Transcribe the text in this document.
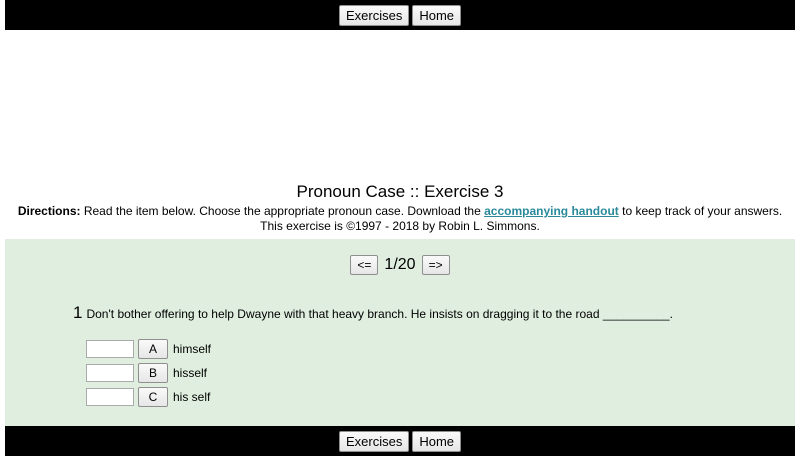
Exercises	Home
Pronoun Case :: Exercise 3
Directions: Read the item below. Choose the appropriate pronoun case. Download the accompanying handout to keep track of your answers.
This exercise is ©1997 - 2018 by Robin L. Simmons.
<= 1/20	=>
1 Don't bother offering to help Dwayne with that heavy branch. He insists on dragging it to the road __________.
A	himself
B	hisself
C	his self
Exercises	Home
